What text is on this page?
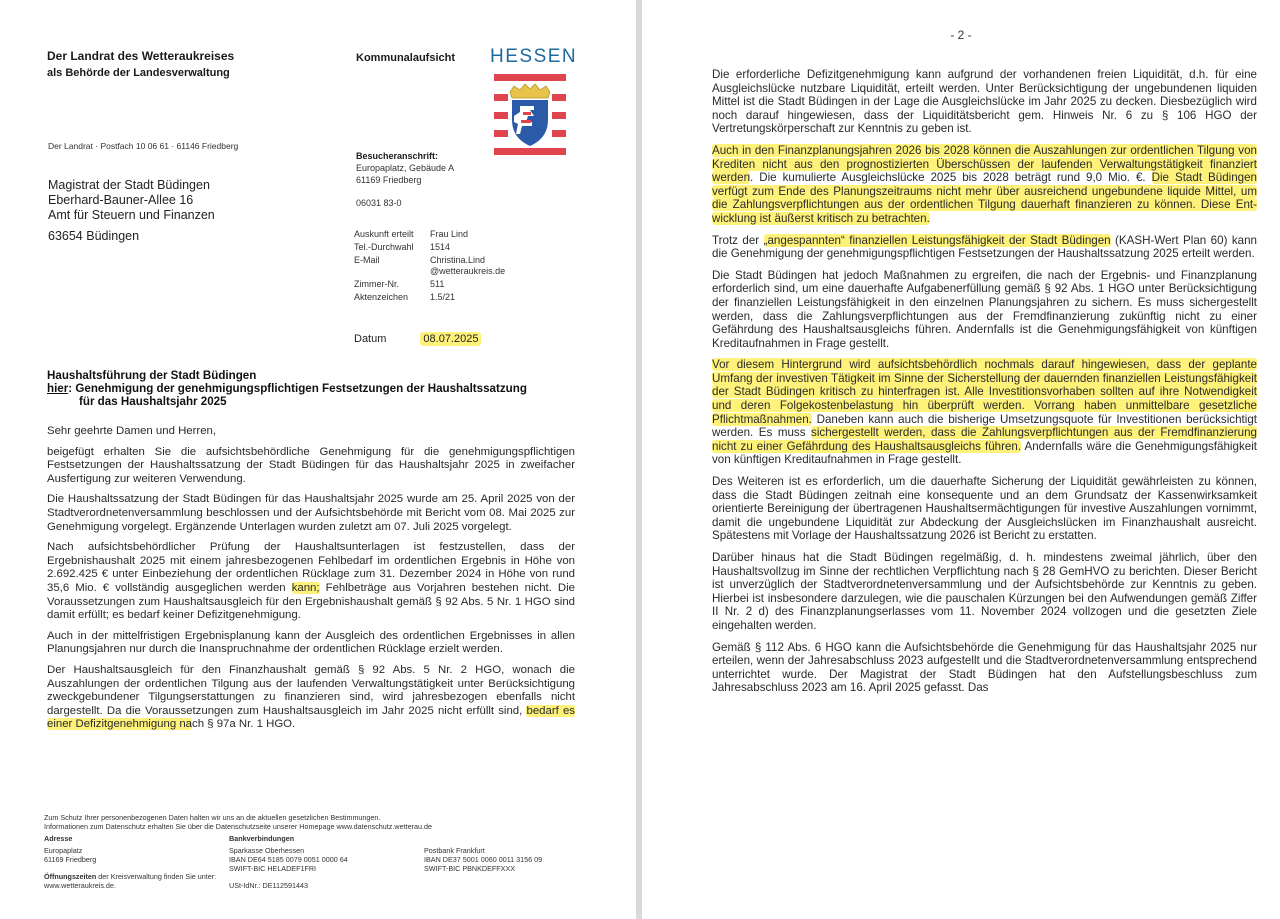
Der Landrat des Wetteraukreises
als Behörde der Landesverwaltung
Kommunalaufsicht HESSEN
Der Landrat · Postfach 10 06 61 · 61146 Friedberg
Magistrat der Stadt Büdingen
Eberhard-Bauner-Allee 16
Amt für Steuern und Finanzen
63654 Büdingen
Besucheranschrift:
Europaplatz, Gebäude A
61169 Friedberg
06031 83-0
Auskunft erteilt	Frau Lind
Tel.-Durchwahl	1514
E-Mail	Christina.Lind
@wetteraukreis.de

Zimmer-Nr.	511
Aktenzeichen	1.5/21
Datum	08.07.2025
Haushaltsführung der Stadt Büdingen
hier: Genehmigung der genehmigungspflichtigen Festsetzungen der Haushaltssatzung
für das Haushaltsjahr 2025

Sehr geehrte Damen und Herren,

beigefügt erhalten Sie die aufsichtsbehördliche Genehmigung für die genehmigungspflichtigen Festsetzungen der Haushaltssatzung der Stadt Büdingen für das Haushaltsjahr 2025 in zweifacher Ausfertigung zur weiteren Verwendung.

Die Haushaltssatzung der Stadt Büdingen für das Haushaltsjahr 2025 wurde am 25. April 2025 von der Stadtverordnetenversammlung beschlossen und der Aufsichtsbehörde mit Bericht vom 08. Mai 2025 zur Genehmigung vorgelegt. Ergänzende Unterlagen wurden zuletzt am 07. Juli 2025 vorgelegt.

Nach aufsichtsbehördlicher Prüfung der Haushaltsunterlagen ist festzustellen, dass der Ergebnishaushalt 2025 mit einem jahresbezogenen Fehlbedarf im ordentlichen Ergebnis in Höhe von 2.692.425 € unter Einbeziehung der ordentlichen Rücklage zum 31. Dezember 2024 in Höhe von rund 35,6 Mio. € vollständig ausgeglichen werden kann; Fehlbeträge aus Vorjahren bestehen nicht. Die Voraussetzungen zum Haushaltsausgleich für den Ergebnishaushalt gemäß § 92 Abs. 5 Nr. 1 HGO sind damit erfüllt; es bedarf keiner Defizitgenehmigung.

Auch in der mittelfristigen Ergebnisplanung kann der Ausgleich des ordentlichen Ergebnisses in allen Planungsjahren nur durch die Inanspruchnahme der ordentlichen Rücklage erzielt werden.

Der Haushaltsausgleich für den Finanzhaushalt gemäß § 92 Abs. 5 Nr. 2 HGO, wonach die Auszahlungen der ordentlichen Tilgung aus der laufenden Verwaltungstätigkeit unter Berücksichtigung zweckgebundener Tilgungserstattungen zu finanzieren sind, wird jahresbezogen ebenfalls nicht dargestellt. Da die Voraussetzungen zum Haushaltsausgleich im Jahr 2025 nicht erfüllt sind, bedarf es einer Defizitgenehmigung nach § 97a Nr. 1 HGO.

Zum Schutz Ihrer personenbezogenen Daten halten wir uns an die aktuellen gesetzlichen Bestimmungen.
Informationen zum Datenschutz erhalten Sie über die Datenschutzseite unserer Homepage www.datenschutz.wetterau.de
Adresse
Europaplatz
61169 Friedberg
Öffnungszeiten der Kreisverwaltung finden Sie unter:
www.wetteraukreis.de.
Bankverbindungen
Sparkasse Oberhessen
IBAN DE64 5185 0079 0051 0000 64
SWIFT-BIC HELADEF1FRI
USt-IdNr.: DE112591443
Postbank Frankfurt
IBAN DE37 5001 0060 0011 3156 09
SWIFT-BIC PBNKDEFFXXX
- 2 -

Die erforderliche Defizitgenehmigung kann aufgrund der vorhandenen freien Liquidität, d.h. für eine Ausgleichslücke nutzbare Liquidität, erteilt werden. Unter Berücksichtigung der ungebundenen liquiden Mittel ist die Stadt Büdingen in der Lage die Ausgleichslücke im Jahr 2025 zu decken. Diesbezüglich wird noch darauf hingewiesen, dass der Liquiditätsbericht gem. Hinweis Nr. 6 zu § 106 HGO der Vertretungskörperschaft zur Kenntnis zu geben ist.

Auch in den Finanzplanungsjahren 2026 bis 2028 können die Auszahlungen zur ordentlichen Tilgung von Krediten nicht aus den prognostizierten Überschüssen der laufenden Verwaltungstätigkeit finanziert werden. Die kumulierte Ausgleichslücke 2025 bis 2028 beträgt rund 9,0 Mio. €. Die Stadt Büdingen verfügt zum Ende des Planungszeitraums nicht mehr über ausreichend ungebundene liquide Mittel, um die Zahlungsverpflichtungen aus der ordentlichen Tilgung dauerhaft finanzieren zu können. Diese Entwicklung ist äußerst kritisch zu betrachten.

Trotz der „angespannten“ finanziellen Leistungsfähigkeit der Stadt Büdingen (KASH-Wert Plan 60) kann die Genehmigung der genehmigungspflichtigen Festsetzungen der Haushaltssatzung 2025 erteilt werden.

Die Stadt Büdingen hat jedoch Maßnahmen zu ergreifen, die nach der Ergebnis- und Finanzplanung erforderlich sind, um eine dauerhafte Aufgabenerfüllung gemäß § 92 Abs. 1 HGO unter Berücksichtigung der finanziellen Leistungsfähigkeit in den einzelnen Planungsjahren zu sichern. Es muss sichergestellt werden, dass die Zahlungsverpflichtungen aus der Fremdfinanzierung zukünftig nicht zu einer Gefährdung des Haushaltsausgleichs führen. Andernfalls ist die Genehmigungsfähigkeit von künftigen Kreditaufnahmen in Frage gestellt.

Vor diesem Hintergrund wird aufsichtsbehördlich nochmals darauf hingewiesen, dass der geplante Umfang der investiven Tätigkeit im Sinne der Sicherstellung der dauernden finanziellen Leistungsfähigkeit der Stadt Büdingen kritisch zu hinterfragen ist. Alle Investitionsvorhaben sollten auf ihre Notwendigkeit und deren Folgekostenbelastung hin überprüft werden. Vorrang haben unmittelbare gesetzliche Pflichtmaßnahmen. Daneben kann auch die bisherige Umsetzungsquote für Investitionen berücksichtigt werden. Es muss sichergestellt werden, dass die Zahlungsverpflichtungen aus der Fremdfinanzierung nicht zu einer Gefährdung des Haushaltsausgleichs führen. Andernfalls wäre die Genehmigungsfähigkeit von künftigen Kreditaufnahmen in Frage gestellt.

Des Weiteren ist es erforderlich, um die dauerhafte Sicherung der Liquidität gewährleisten zu können, dass die Stadt Büdingen zeitnah eine konsequente und an dem Grundsatz der Kassenwirksamkeit orientierte Bereinigung der übertragenen Haushaltsermächtigungen für investive Auszahlungen vornimmt, damit die ungebundene Liquidität zur Abdeckung der Ausgleichslücken im Finanzhaushalt ausreicht. Spätestens mit Vorlage der Haushaltssatzung 2026 ist Bericht zu erstatten.

Darüber hinaus hat die Stadt Büdingen regelmäßig, d. h. mindestens zweimal jährlich, über den Haushaltsvollzug im Sinne der rechtlichen Verpflichtung nach § 28 GemHVO zu berichten. Dieser Bericht ist unverzüglich der Stadtverordnetenversammlung und der Aufsichtsbehörde zur Kenntnis zu geben. Hierbei ist insbesondere darzulegen, wie die pauschalen Kürzungen bei den Aufwendungen gemäß Ziffer II Nr. 2 d) des Finanzplanungserlasses vom 11. November 2024 vollzogen und die gesetzten Ziele eingehalten werden.

Gemäß § 112 Abs. 6 HGO kann die Aufsichtsbehörde die Genehmigung für das Haushaltsjahr 2025 nur erteilen, wenn der Jahresabschluss 2023 aufgestellt und die Stadtverordnetenversammlung entsprechend unterrichtet wurde. Der Magistrat der Stadt Büdingen hat den Aufstellungsbeschluss zum Jahresabschluss 2023 am 16. April 2025 gefasst. Das
